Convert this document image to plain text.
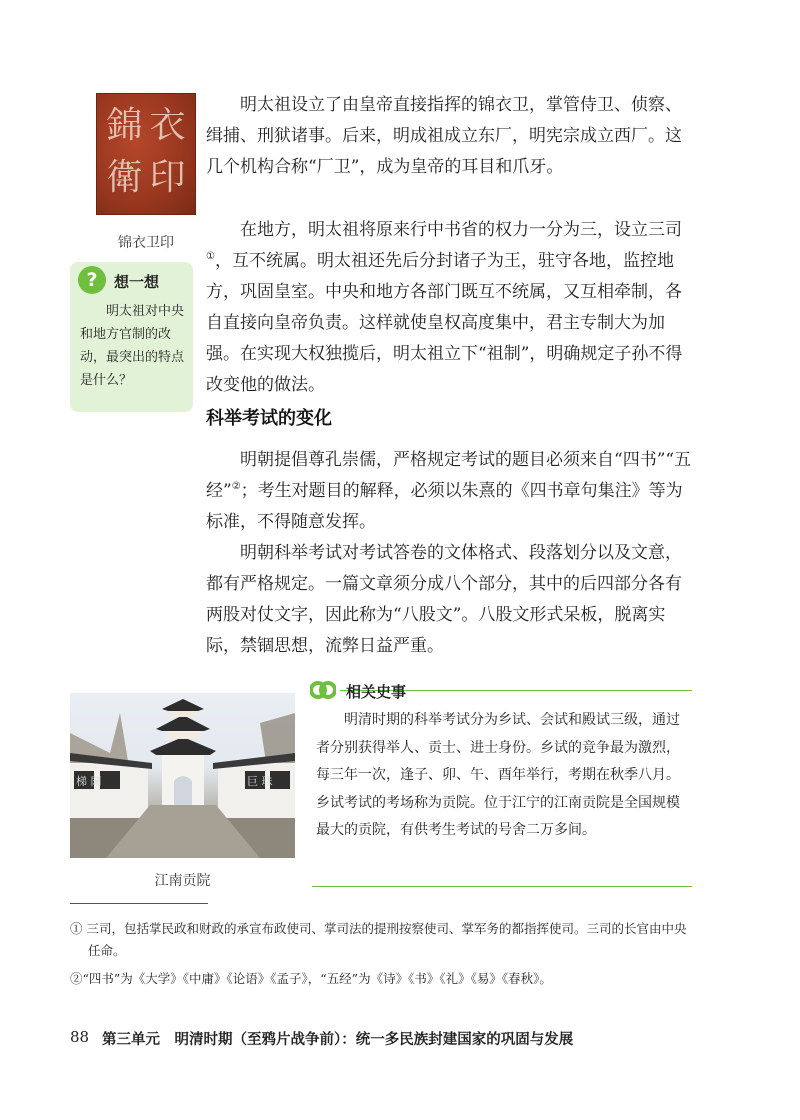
錦 衣
衛 印
锦衣卫印
?	想一想
明太祖对中央和地方官制的改动，最突出的特点是什么？
明太祖设立了由皇帝直接指挥的锦衣卫，掌管侍卫、侦察、缉捕、刑狱诸事。后来，明成祖成立东厂，明宪宗成立西厂。这几个机构合称“厂卫”，成为皇帝的耳目和爪牙。
在地方，明太祖将原来行中书省的权力一分为三，设立三司①，互不统属。明太祖还先后分封诸子为王，驻守各地，监控地方，巩固皇室。中央和地方各部门既互不统属，又互相牵制，各自直接向皇帝负责。这样就使皇权高度集中，君主专制大为加强。在实现大权独揽后，明太祖立下“祖制”，明确规定子孙不得改变他的做法。
科举考试的变化
明朝提倡尊孔崇儒，严格规定考试的题目必须来自“四书”“五经”②；考生对题目的解释，必须以朱熹的《四书章句集注》等为标准，不得随意发挥。
明朝科举考试对考试答卷的文体格式、段落划分以及文意，都有严格规定。一篇文章须分成八个部分，其中的后四部分各有两股对仗文字，因此称为“八股文”。八股文形式呆板，脱离实际，禁锢思想，流弊日益严重。
梯 闈	巨 珠
江南贡院
相关史事
明清时期的科举考试分为乡试、会试和殿试三级，通过者分别获得举人、贡士、进士身份。乡试的竞争最为激烈，每三年一次，逢子、卯、午、酉年举行，考期在秋季八月。乡试考试的考场称为贡院。位于江宁的江南贡院是全国规模最大的贡院，有供考生考试的号舍二万多间。
① 三司，包括掌民政和财政的承宣布政使司、掌司法的提刑按察使司、掌军务的都指挥使司。三司的长官由中央任命。
②“四书”为《大学》《中庸》《论语》《孟子》，“五经”为《诗》《书》《礼》《易》《春秋》。
88 第三单元　明清时期（至鸦片战争前）：统一多民族封建国家的巩固与发展
